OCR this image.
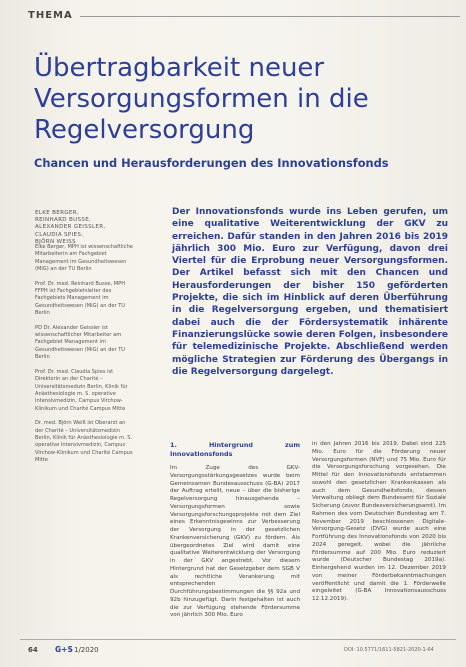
THEMA
Übertragbarkeit neuer Versorgungsformen in die Regelversorgung
Chancen und Herausforderungen des Innovationsfonds
ELKE BERGER,
REINHARD BUSSE,
ALEXANDER GEISSLER,
CLAUDIA SPIES,
BJÖRN WEISS
Elke Berger, MPH ist wissenschaftliche Mitarbeiterin am Fachgebiet Management im Gesundheitswesen (MiG) an der TU Berlin
Prof. Dr. med. Reinhard Busse, MPH FFPH ist Fachgebietsleiter des Fachgebiets Management im Gesundheitswesen (MiG) an der TU Berlin
PD Dr. Alexander Geissler ist wissenschaftlicher Mitarbeiter am Fachgebiet Management im Gesundheitswesen (MiG) an der TU Berlin
Prof. Dr. med. Claudia Spies ist Direktorin an der Charité – Universitätsmedizin Berlin, Klinik für Anästhesiologie m. S. operative Intensivmedizin, Campus Virchow-Klinikum und Charité Campus Mitte
Dr. med. Björn Weiß ist Oberarzt an der Charité – Universitätsmedizin Berlin, Klinik für Anästhesiologie m. S. operative Intensivmedizin, Campus Virchow-Klinikum und Charité Campus Mitte
Der Innovationsfonds wurde ins Leben gerufen, um eine qualitative Weiterentwicklung der GKV zu erreichen. Dafür standen in den Jahren 2016 bis 2019 jährlich 300 Mio. Euro zur Verfügung, davon drei Viertel für die Erprobung neuer Versorgungsformen. Der Artikel befasst sich mit den Chancen und Herausforderungen der bisher 150 geförderten Projekte, die sich im Hinblick auf deren Überführung in die Regelversorgung ergeben, und thematisiert dabei auch die der Fördersystematik inhärente Finanzierungslücke sowie deren Folgen, insbesondere für telemedizinische Projekte. Abschließend werden mögliche Strategien zur Förderung des Übergangs in die Regelversorgung dargelegt.
1. Hintergrund zum Innovationsfonds
Im Zuge des GKV-Versorgungsstärkungsgesetzes wurde beim Gemeinsamen Bundesausschuss (G-BA) 2017 der Auftrag erteilt, neue – über die bisherige Regelversorgung hinausgehende – Versorgungsformen sowie Versorgungsforschungsprojekte mit dem Ziel eines Erkenntnisgewinns zur Verbesserung der Versorgung in der gesetzlichen Krankenversicherung (GKV) zu fördern. Als übergeordnetes Ziel wird damit eine qualitative Weiterentwicklung der Versorgung in der GKV angestrebt. Vor diesem Hintergrund hat der Gesetzgeber dem SGB V als rechtliche Verankerung mit entsprechenden Durchführungsbestimmungen die §§ 92a und 92b hinzugefügt. Darin festgehalten ist auch die zur Verfügung stehende Fördersumme von jährlich 300 Mio. Euro
in den Jahren 2016 bis 2019. Dabei sind 225 Mio. Euro für die Förderung neuer Versorgungsformen (NVF) und 75 Mio. Euro für die Versorgungsforschung vorgesehen. Die Mittel für den Innovationsfonds entstammen sowohl den gesetzlichen Krankenkassen als auch dem Gesundheitsfonds, dessen Verwaltung obliegt dem Bundesamt für Soziale Sicherung (zuvor Bundesversicherungsamt). Im Rahmen des vom Deutschen Bundestag am 7. November 2019 beschlossenen Digitale-Versorgung-Gesetz (DVG) wurde auch eine Fortführung des Innovationsfonds von 2020 bis 2024 geregelt, wobei die jährliche Fördersumme auf 200 Mio. Euro reduziert wurde (Deutscher Bundestag 2019a). Einhergehend wurden im 12. Dezember 2019 von meiner Förderbekanntmachungen veröffentlicht und damit die 1. Förderwelle eingeleitet (G-BA Innovationsausschuss 12.12.2019).
64 G+S 1/2020	DOI: 10.5771/1611-5821-2020-1-64
